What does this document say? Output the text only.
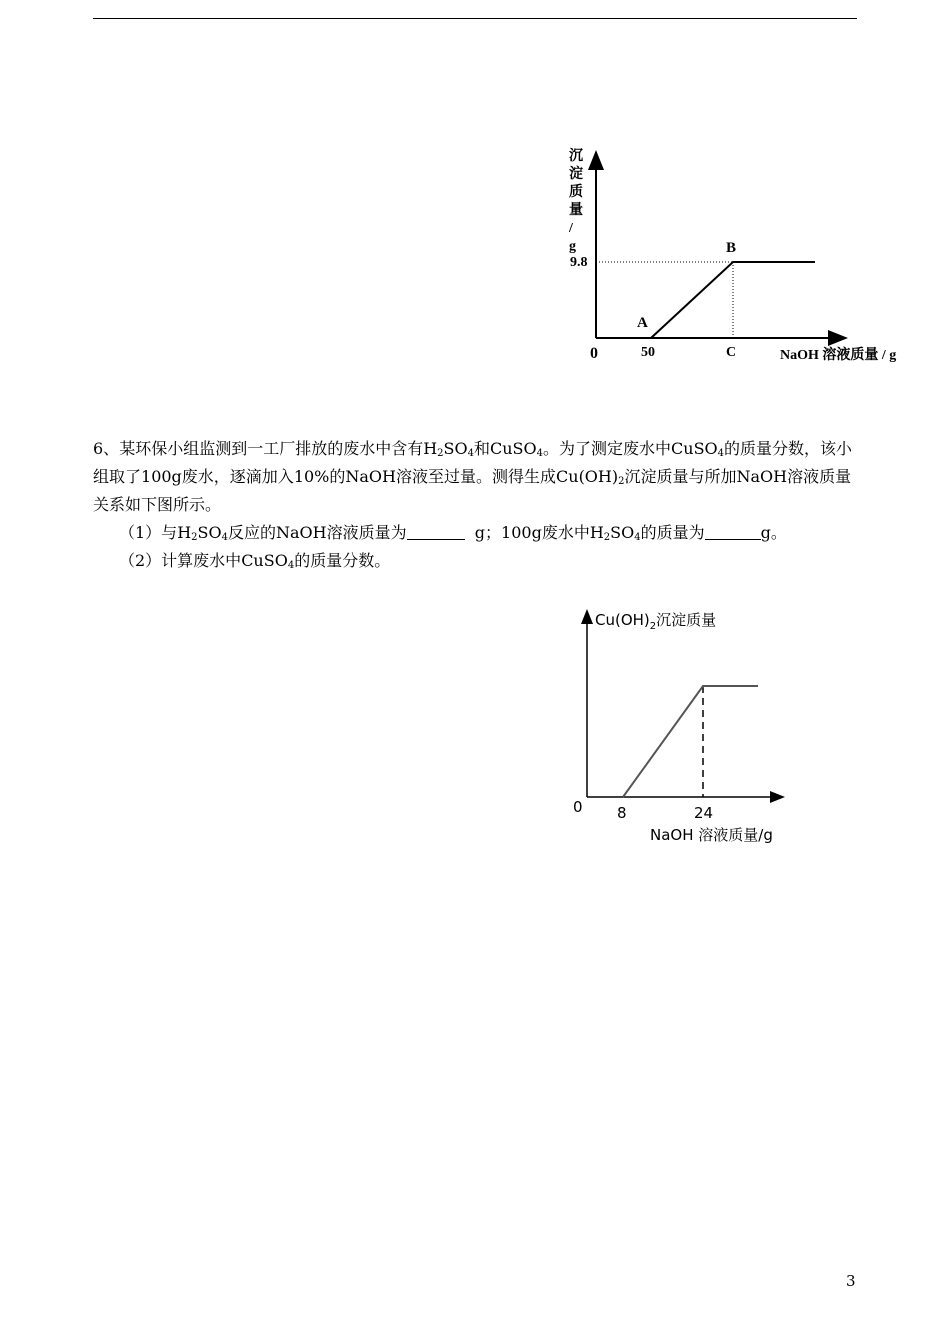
沉
淀
质
量
/
g
9.8
0	50	C
A
B
NaOH 溶液质量 / g

6、某环保小组监测到一工厂排放的废水中含有$H_2SO_4$和CuSO$_4$。为了测定废水中CuSO$_4$的质量分数，该小组取了100g废水，逐滴加入10%的NaOH溶液至过量。测得生成$Cu(OH)_2$沉淀质量与所加NaOH溶液质量关系如下图所示。

（1）与$H_2SO_4$反应的NaOH溶液质量为	g；100g废水中$H_2SO_4$的质量为	g。

（2）计算废水中CuSO$_4$的质量分数。

$Cu(OH)_2$沉淀质量
0 8	24
NaOH 溶液质量/g
3
